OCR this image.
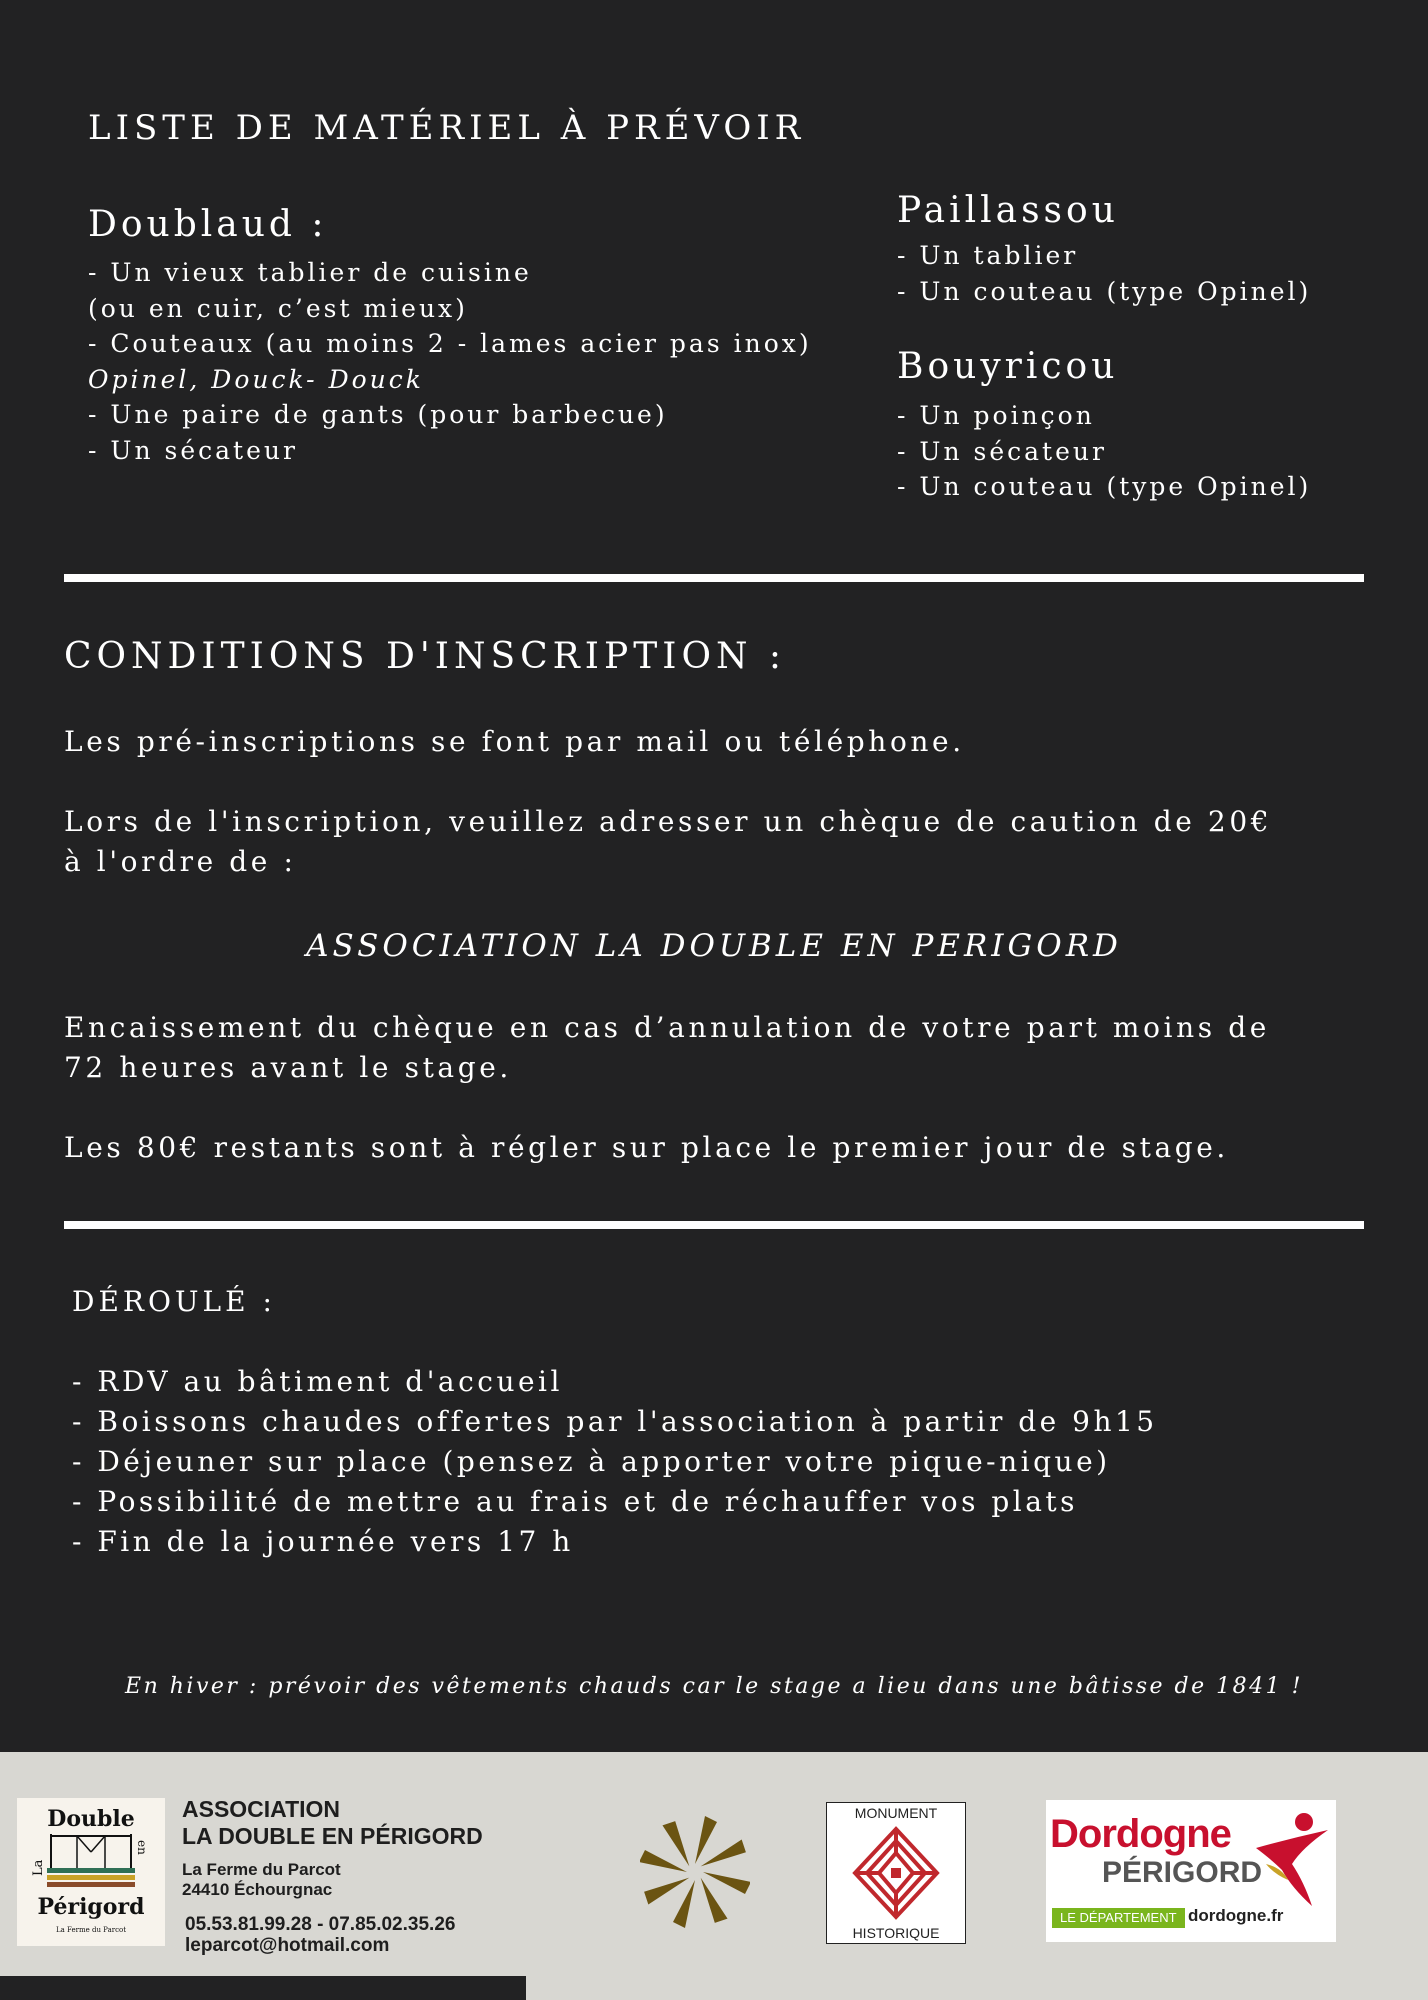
LISTE DE MATÉRIEL À PRÉVOIR
Doublaud :
- Un vieux tablier de cuisine
(ou en cuir, c’est mieux)
- Couteaux (au moins 2 - lames acier pas inox)
Opinel, Douck- Douck
- Une paire de gants (pour barbecue)
- Un sécateur
Paillassou
- Un tablier
- Un couteau (type Opinel)
Bouyricou
- Un poinçon
- Un sécateur
- Un couteau (type Opinel)
CONDITIONS D'INSCRIPTION :
Les pré-inscriptions se font par mail ou téléphone.
Lors de l'inscription, veuillez adresser un chèque de caution de 20€
à l'ordre de :
ASSOCIATION LA DOUBLE EN PERIGORD
Encaissement du chèque en cas d’annulation de votre part moins de
72 heures avant le stage.
Les 80€ restants sont à régler sur place le premier jour de stage.
DÉROULÉ :
- RDV au bâtiment d'accueil
- Boissons chaudes offertes par l'association à partir de 9h15
- Déjeuner sur place (pensez à apporter votre pique-nique)
- Possibilité de mettre au frais et de réchauffer vos plats
- Fin de la journée vers 17 h
En hiver : prévoir des vêtements chauds car le stage a lieu dans une bâtisse de 1841 !
Double
La
en
Périgord
La Ferme du Parcot
ASSOCIATION
LA DOUBLE EN PÉRIGORD
La Ferme du Parcot
24410 Échourgnac
05.53.81.99.28 - 07.85.02.35.26
leparcot@hotmail.com
MONUMENT
HISTORIQUE
Dordogne
PÉRIGORD
LE DÉPARTEMENT dordogne.fr
